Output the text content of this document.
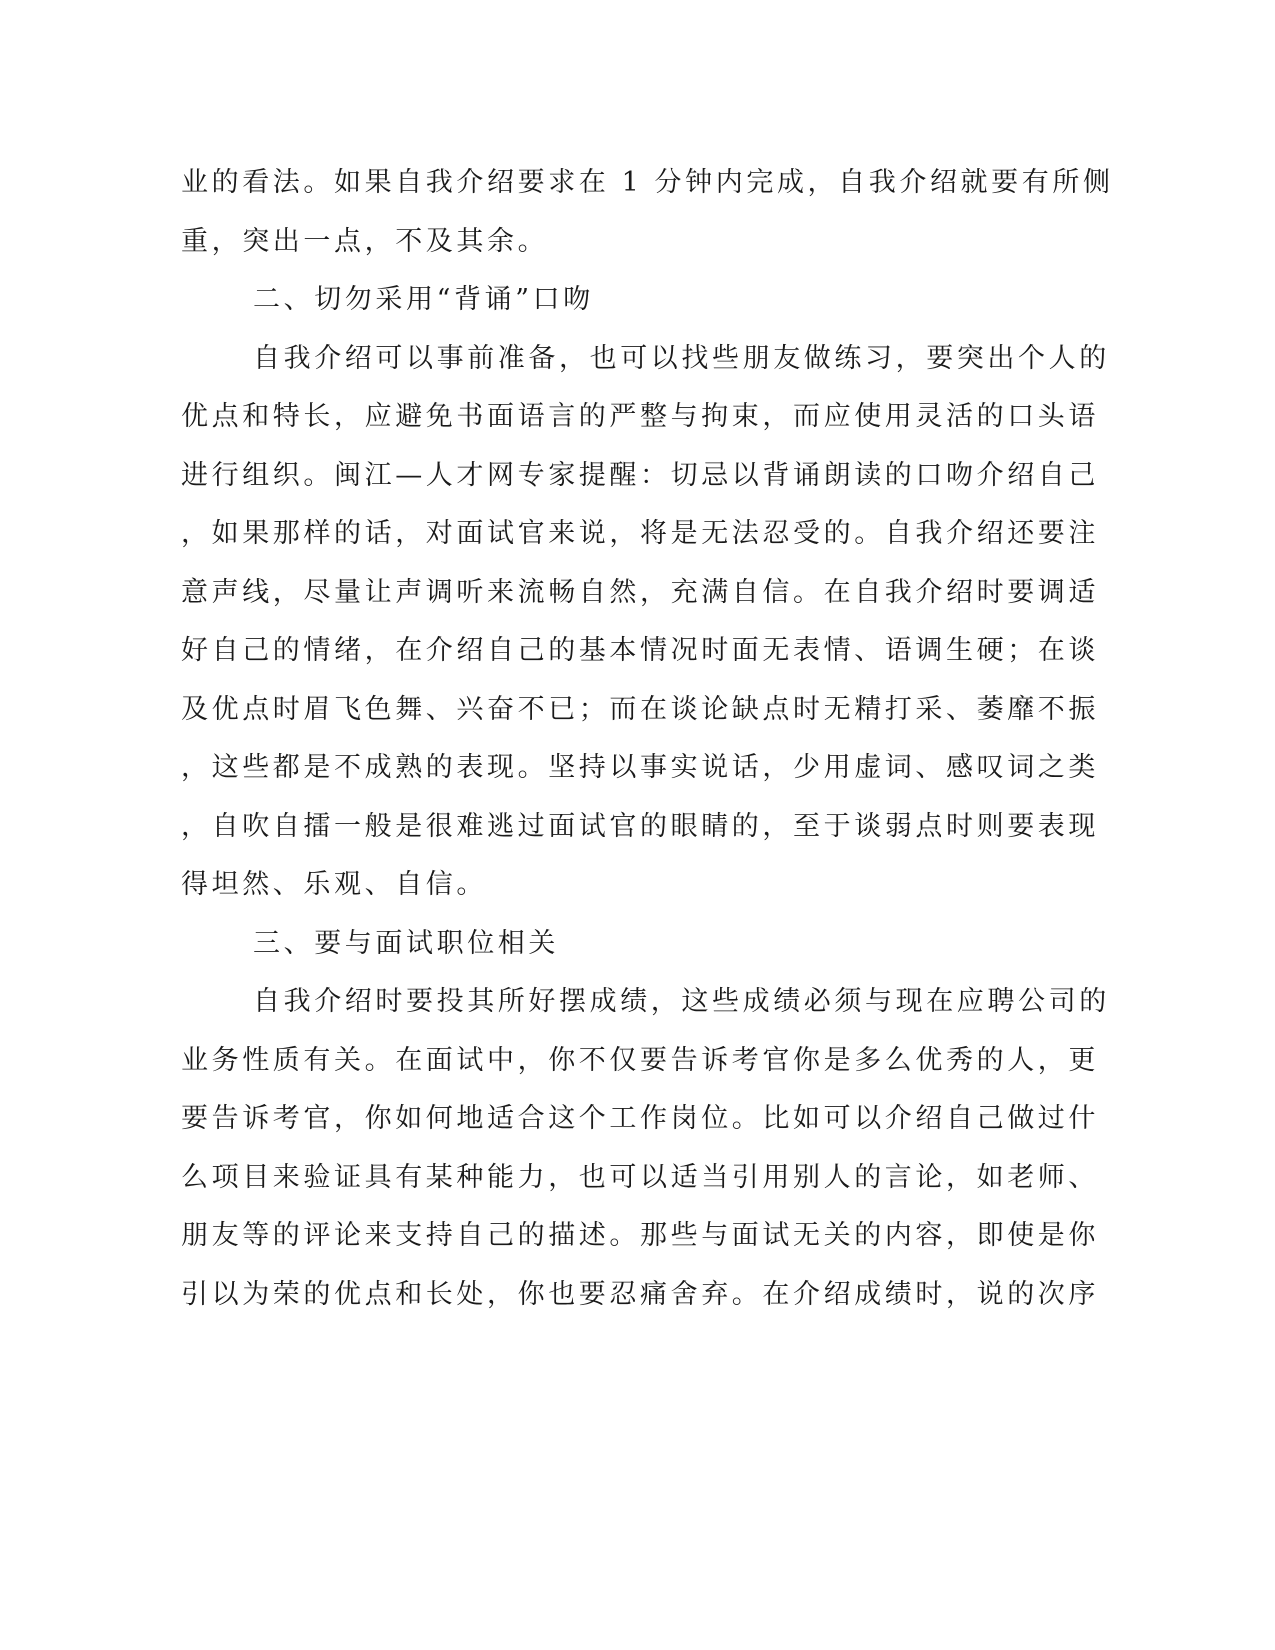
业的看法。如果自我介绍要求在 1 分钟内完成，自我介绍就要有所侧
重，突出一点，不及其余。
二、切勿采用“背诵”口吻
自我介绍可以事前准备，也可以找些朋友做练习，要突出个人的
优点和特长，应避免书面语言的严整与拘束，而应使用灵活的口头语
进行组织。闽江—人才网专家提醒：切忌以背诵朗读的口吻介绍自己
，如果那样的话，对面试官来说，将是无法忍受的。自我介绍还要注
意声线，尽量让声调听来流畅自然，充满自信。在自我介绍时要调适
好自己的情绪，在介绍自己的基本情况时面无表情、语调生硬；在谈
及优点时眉飞色舞、兴奋不已；而在谈论缺点时无精打采、萎靡不振
，这些都是不成熟的表现。坚持以事实说话，少用虚词、感叹词之类
，自吹自擂一般是很难逃过面试官的眼睛的，至于谈弱点时则要表现
得坦然、乐观、自信。
三、要与面试职位相关
自我介绍时要投其所好摆成绩，这些成绩必须与现在应聘公司的
业务性质有关。在面试中，你不仅要告诉考官你是多么优秀的人，更
要告诉考官，你如何地适合这个工作岗位。比如可以介绍自己做过什
么项目来验证具有某种能力，也可以适当引用别人的言论，如老师、
朋友等的评论来支持自己的描述。那些与面试无关的内容，即使是你
引以为荣的优点和长处，你也要忍痛舍弃。在介绍成绩时，说的次序
